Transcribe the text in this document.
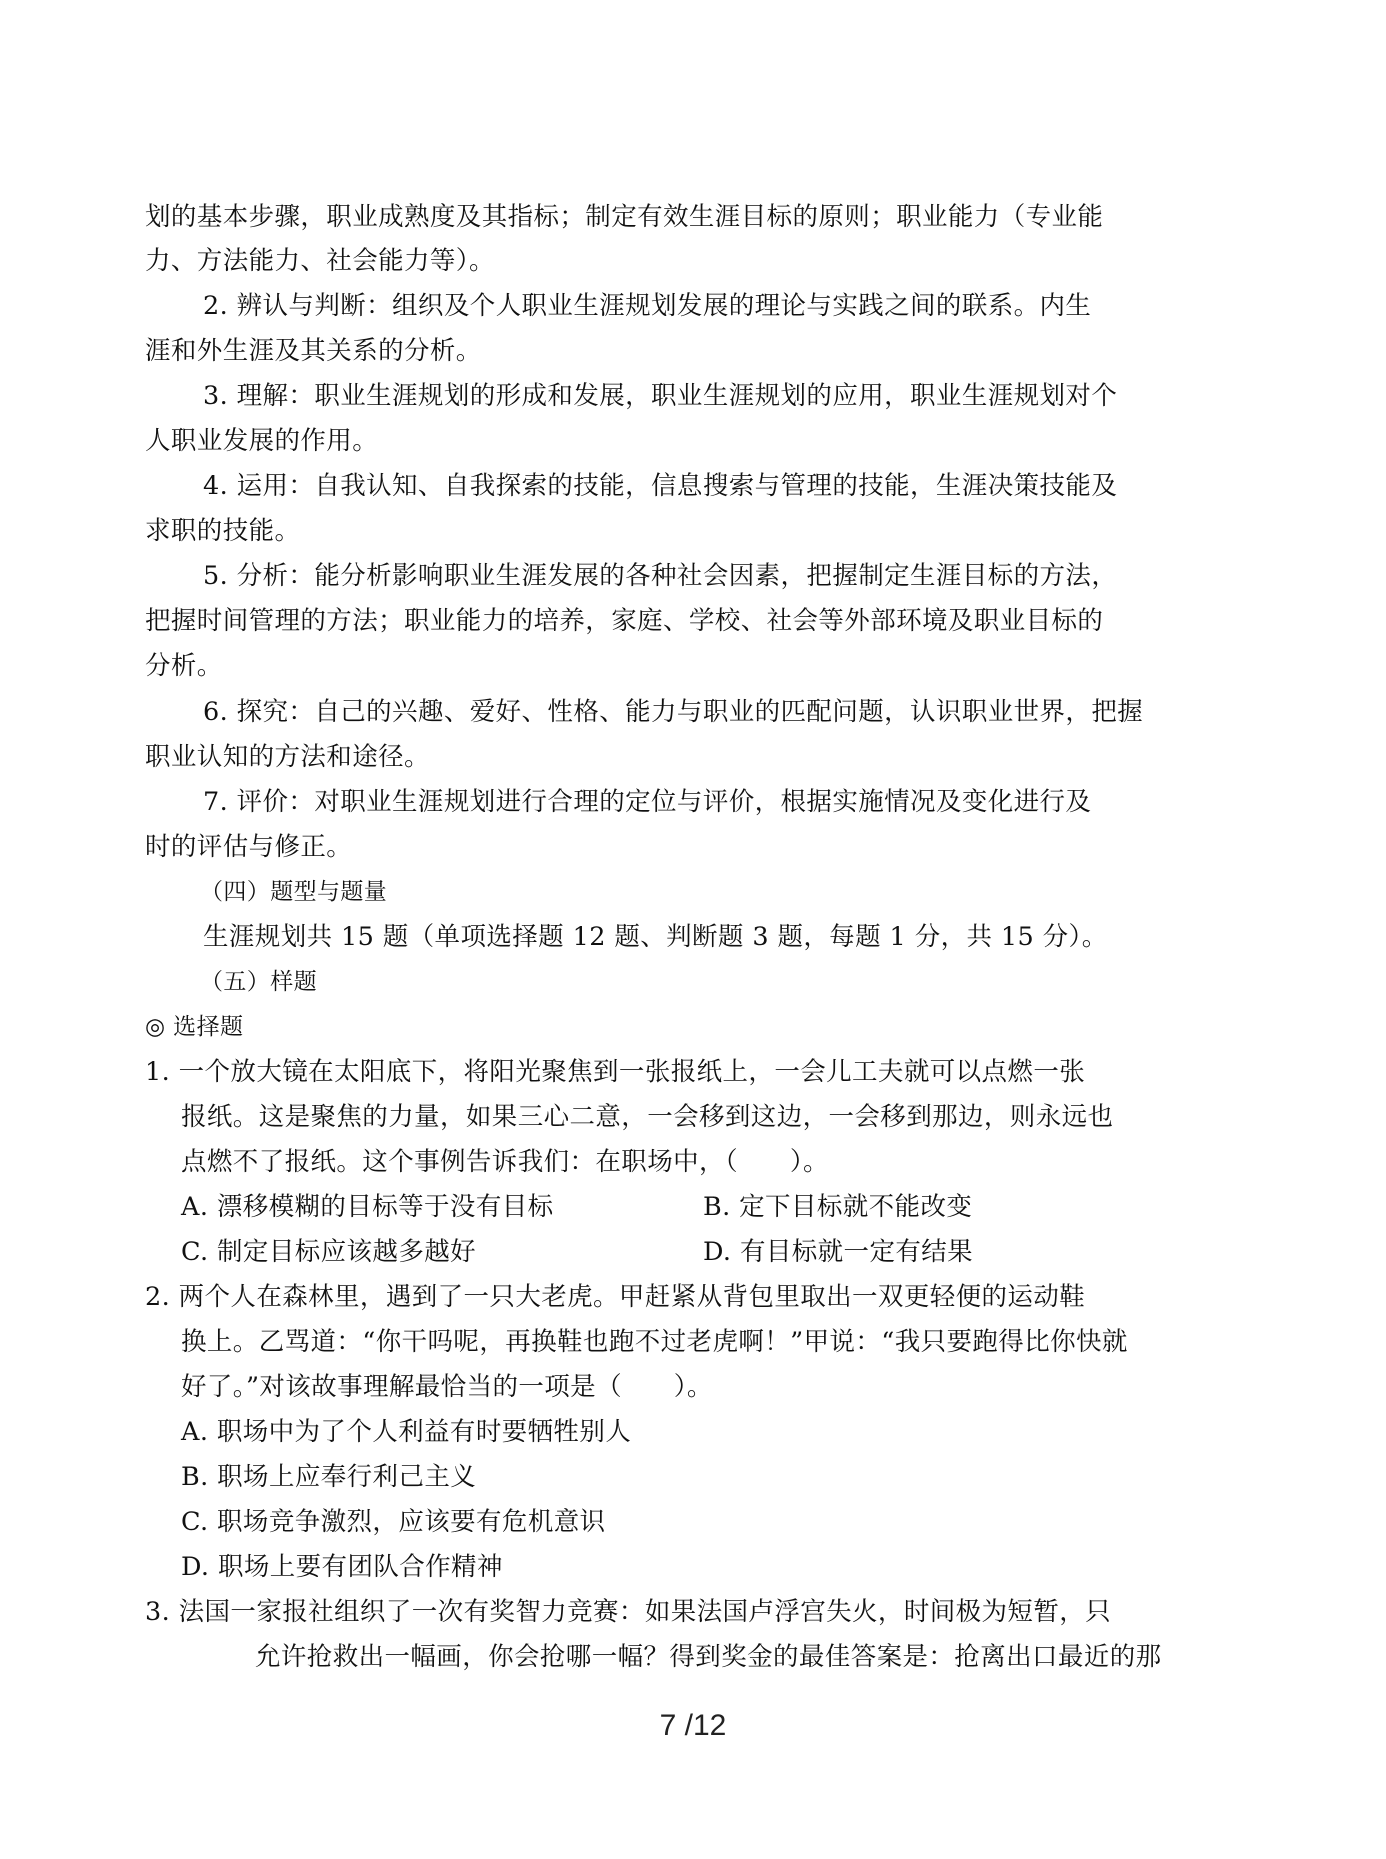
划的基本步骤，职业成熟度及其指标；制定有效生涯目标的原则；职业能力（专业能
力、方法能力、社会能力等）。
2. 辨认与判断：组织及个人职业生涯规划发展的理论与实践之间的联系。内生
涯和外生涯及其关系的分析。
3. 理解：职业生涯规划的形成和发展，职业生涯规划的应用，职业生涯规划对个
人职业发展的作用。
4. 运用：自我认知、自我探索的技能，信息搜索与管理的技能，生涯决策技能及
求职的技能。
5. 分析：能分析影响职业生涯发展的各种社会因素，把握制定生涯目标的方法，
把握时间管理的方法；职业能力的培养，家庭、学校、社会等外部环境及职业目标的
分析。
6. 探究：自己的兴趣、爱好、性格、能力与职业的匹配问题，认识职业世界，把握
职业认知的方法和途径。
7. 评价：对职业生涯规划进行合理的定位与评价，根据实施情况及变化进行及
时的评估与修正。
（四）题型与题量
生涯规划共 15 题（单项选择题 12 题、判断题 3 题，每题 1 分，共 15 分）。
（五）样题
◎ 选择题
1. 一个放大镜在太阳底下，将阳光聚焦到一张报纸上，一会儿工夫就可以点燃一张
报纸。这是聚焦的力量，如果三心二意，一会移到这边，一会移到那边，则永远也
点燃不了报纸。这个事例告诉我们：在职场中，（　　）。
A. 漂移模糊的目标等于没有目标	B. 定下目标就不能改变
C. 制定目标应该越多越好	D. 有目标就一定有结果
2. 两个人在森林里，遇到了一只大老虎。甲赶紧从背包里取出一双更轻便的运动鞋
换上。乙骂道：“你干吗呢，再换鞋也跑不过老虎啊！”甲说：“我只要跑得比你快就
好了。”对该故事理解最恰当的一项是（　　）。
A. 职场中为了个人利益有时要牺牲别人
B. 职场上应奉行利己主义
C. 职场竞争激烈，应该要有危机意识
D. 职场上要有团队合作精神
3. 法国一家报社组织了一次有奖智力竞赛：如果法国卢浮宫失火，时间极为短暂，只
允许抢救出一幅画，你会抢哪一幅？得到奖金的最佳答案是：抢离出口最近的那
7 /12
